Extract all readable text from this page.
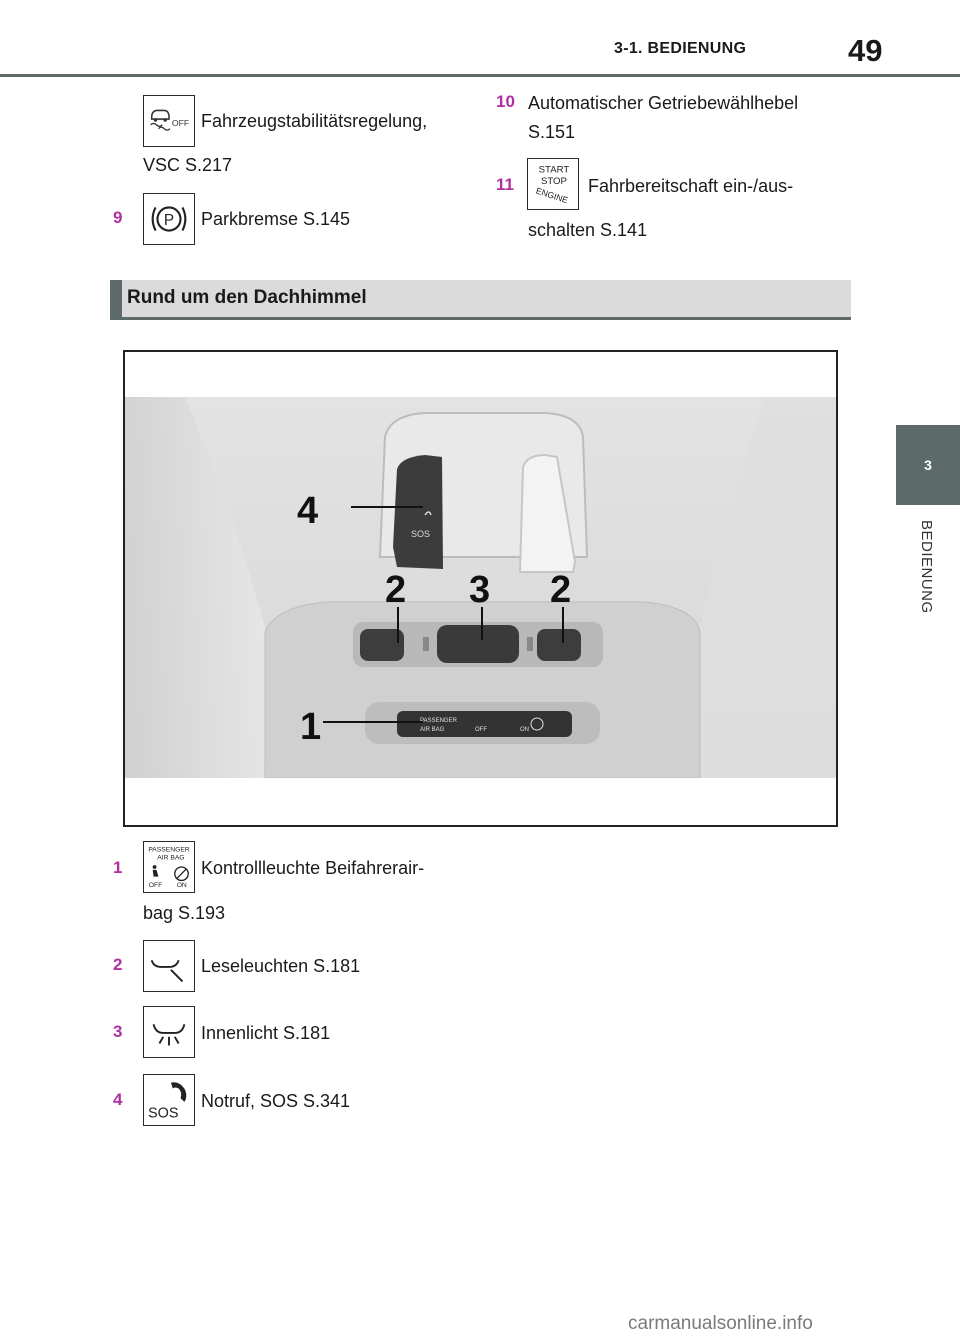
3-1. BEDIENUNG	49
3
BEDIENUNG
OFF Fahrzeugstabilitätsregelung,
VSC S.217
9	P Parkbremse S.145
10 Automatischer Getriebewählhebel
S.151
11
START
STOP
ENGINE Fahrbereitschaft ein-/aus-
schalten S.141
Rund um den Dachhimmel
SOS
PASSENGER
AIR BAG	OFF	ON
4
2 3 2
1
1
PASSENGER
AIR BAG
OFF ON
Kontrollleuchte Beifahrerair-
bag S.193
2	Leseleuchten S.181
3	Innenlicht S.181
4
SOS
Notruf, SOS S.341
carmanualsonline.info
